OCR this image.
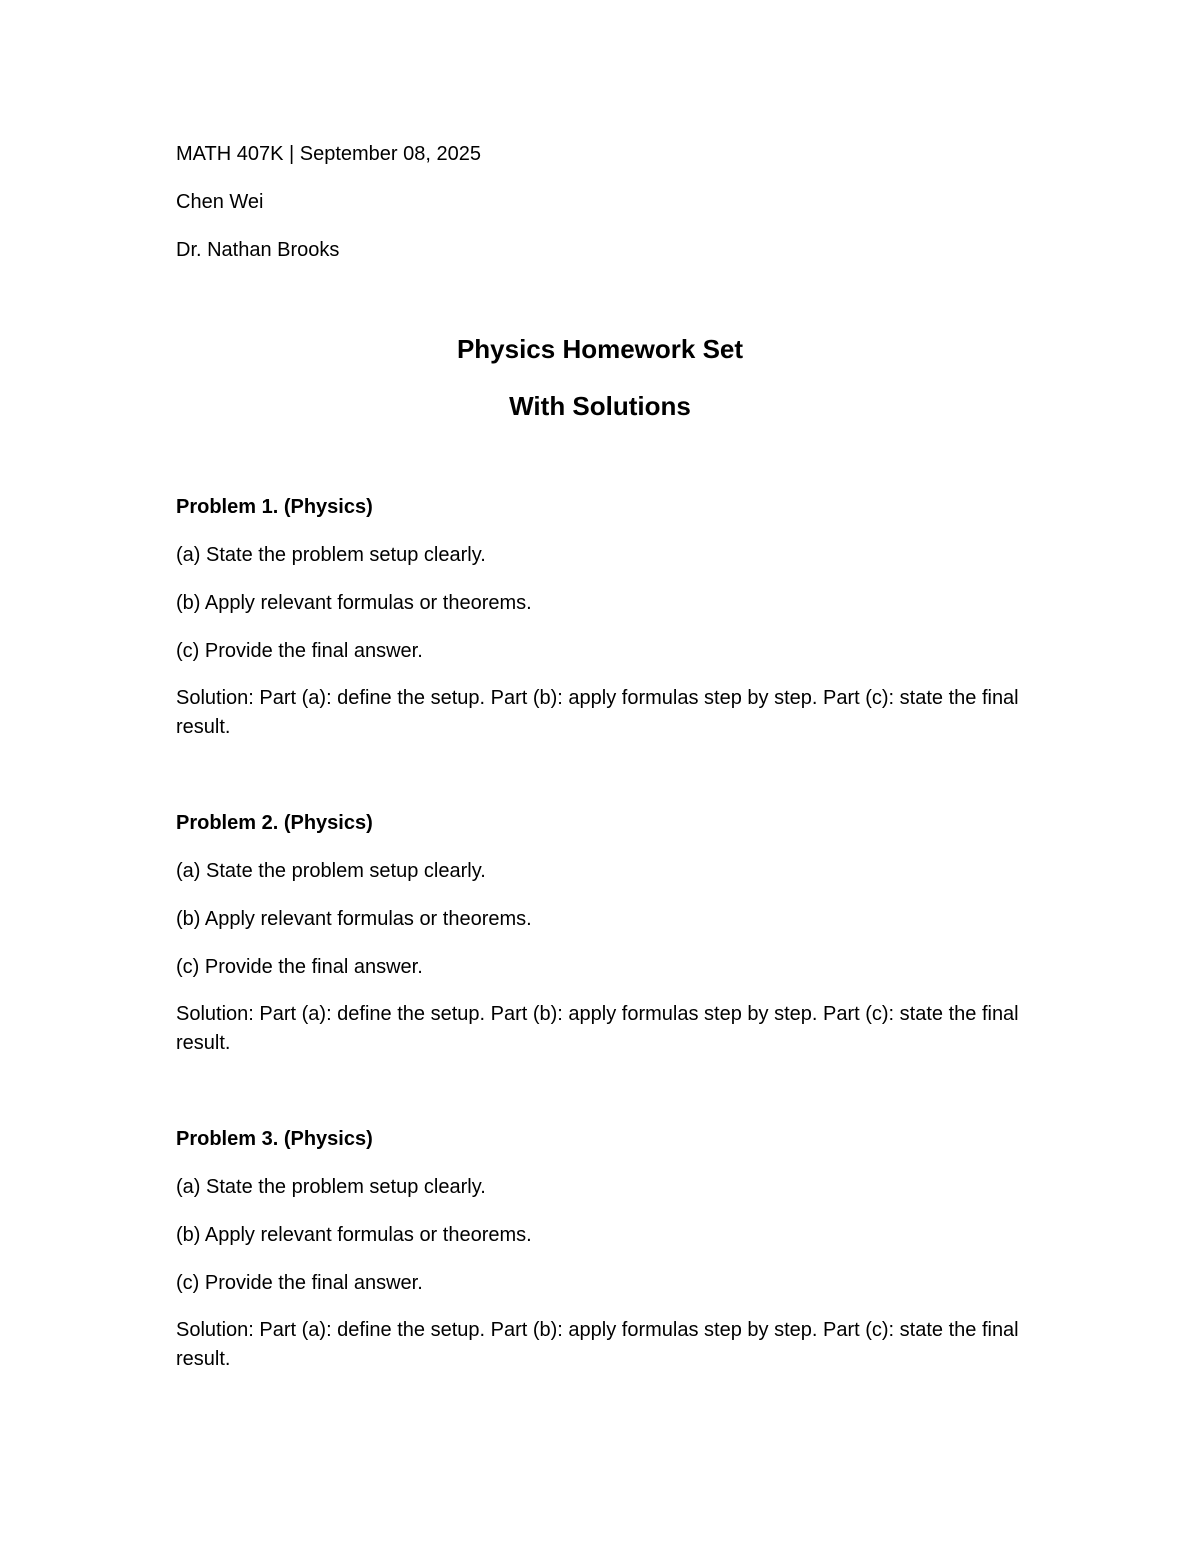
MATH 407K | September 08, 2025
Chen Wei
Dr. Nathan Brooks
Physics Homework Set
With Solutions
Problem 1. (Physics)
(a) State the problem setup clearly.
(b) Apply relevant formulas or theorems.
(c) Provide the final answer.
Solution: Part (a): define the setup. Part (b): apply formulas step by step. Part (c): state the final result.
Problem 2. (Physics)
(a) State the problem setup clearly.
(b) Apply relevant formulas or theorems.
(c) Provide the final answer.
Solution: Part (a): define the setup. Part (b): apply formulas step by step. Part (c): state the final result.
Problem 3. (Physics)
(a) State the problem setup clearly.
(b) Apply relevant formulas or theorems.
(c) Provide the final answer.
Solution: Part (a): define the setup. Part (b): apply formulas step by step. Part (c): state the final result.
